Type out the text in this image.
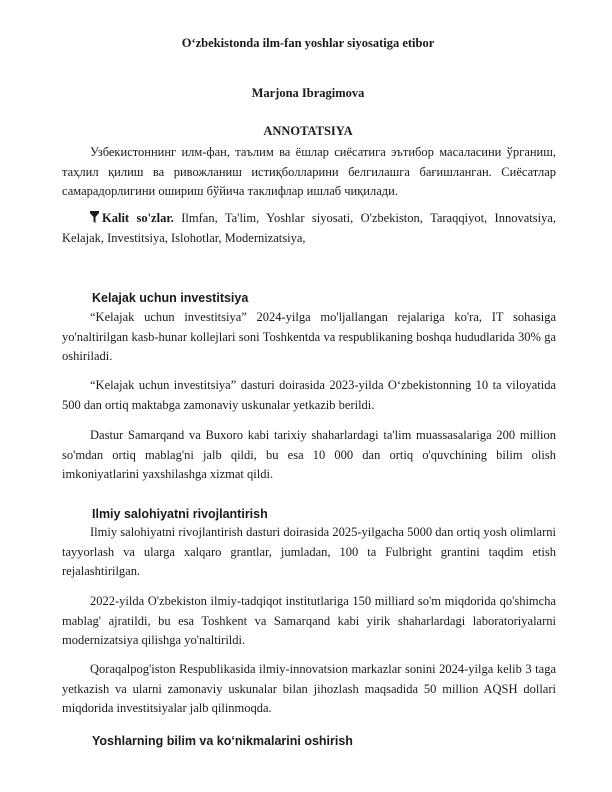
O‘zbekistonda ilm-fan yoshlar siyosatiga etibor
Marjona Ibragimova
ANNOTATSIYA

Узбекистоннинг илм-фан, таълим ва ёшлар сиёсатига эътибор масаласини ўрганиш, таҳлил қилиш ва ривожланиш истиқболларини белгилашга бағишланган. Сиёсатлар самарадорлигини ошириш бўйича таклифлар ишлаб чиқилади.

Kalit so'zlar. Ilmfan, Ta'lim, Yoshlar siyosati, O'zbekiston, Taraqqiyot, Innovatsiya, Kelajak, Investitsiya, Islohotlar, Modernizatsiya,

Kelajak uchun investitsiya

“Kelajak uchun investitsiya” 2024-yilga mo'ljallangan rejalariga ko'ra, IT sohasiga yo'naltirilgan kasb-hunar kollejlari soni Toshkentda va respublikaning boshqa hududlarida 30% ga oshiriladi.

“Kelajak uchun investitsiya” dasturi doirasida 2023-yilda O‘zbekistonning 10 ta viloyatida 500 dan ortiq maktabga zamonaviy uskunalar yetkazib berildi.

Dastur Samarqand va Buxoro kabi tarixiy shaharlardagi ta'lim muassasalariga 200 million so'mdan ortiq mablag'ni jalb qildi, bu esa 10 000 dan ortiq o'quvchining bilim olish imkoniyatlarini yaxshilashga xizmat qildi.

Ilmiy salohiyatni rivojlantirish

Ilmiy salohiyatni rivojlantirish dasturi doirasida 2025-yilgacha 5000 dan ortiq yosh olimlarni tayyorlash va ularga xalqaro grantlar, jumladan, 100 ta Fulbright grantini taqdim etish rejalashtirilgan.

2022-yilda O'zbekiston ilmiy-tadqiqot institutlariga 150 milliard so'm miqdorida qo'shimcha mablag' ajratildi, bu esa Toshkent va Samarqand kabi yirik shaharlardagi laboratoriyalarni modernizatsiya qilishga yo'naltirildi.

Qoraqalpog'iston Respublikasida ilmiy-innovatsion markazlar sonini 2024-yilga kelib 3 taga yetkazish va ularni zamonaviy uskunalar bilan jihozlash maqsadida 50 million AQSH dollari miqdorida investitsiyalar jalb qilinmoqda.

Yoshlarning bilim va ko‘nikmalarini oshirish
